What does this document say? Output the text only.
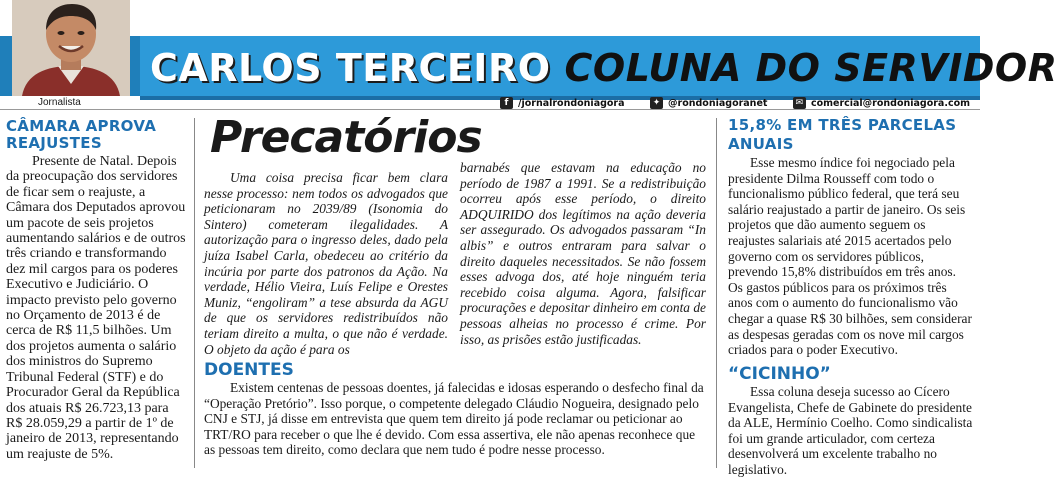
CARLOS TERCEIRO COLUNA DO SERVIDOR
Jornalista	f	/jornalrondoniagora	✦ @rondoniagoranet	✉ comercial@rondoniagora.com
CÂMARA APROVA REAJUSTES
Presente de Natal. Depois da preocupação dos servidores de ficar sem o reajuste, a Câmara dos Deputados aprovou um pacote de seis projetos aumentando salários e de outros três criando e transformando dez mil cargos para os poderes Executivo e Judiciário. O impacto previsto pelo governo no Orçamento de 2013 é de cerca de R$ 11,5 bilhões. Um dos projetos aumenta o salário dos ministros do Supremo Tribunal Federal (STF) e do Procurador Geral da República dos atuais R$ 26.723,13 para R$ 28.059,29 a partir de 1º de janeiro de 2013, representando um reajuste de 5%.
Precatórios

Uma coisa precisa ficar bem clara nesse processo: nem todos os advogados que peticionaram no 2039/89 (Isonomia do Sintero) cometeram ilegalidades. A autorização para o ingresso deles, dado pela juíza Isabel Carla, obedeceu ao critério da incúria por parte dos patronos da Ação. Na verdade, Hélio Vieira, Luís Felipe e Orestes Muniz, “engoliram” a tese absurda da AGU de que os servidores redistribuídos não teriam direito a multa, o que não é verdade. O objeto da ação é para os

barnabés que estavam na educação no período de 1987 a 1991. Se a redistribuição ocorreu após esse período, o direito ADQUIRIDO dos legítimos na ação deveria ser assegurado. Os advogados passaram “In albis” e outros entraram para salvar o direito daqueles necessitados. Se não fossem esses advoga dos, até hoje ninguém teria recebido coisa alguma. Agora, falsificar procurações e depositar dinheiro em conta de pessoas alheias no processo é crime. Por isso, as prisões estão justificadas.

DOENTES
Existem centenas de pessoas doentes, já falecidas e idosas esperando o desfecho final da “Operação Pretório”. Isso porque, o competente delegado Cláudio Nogueira, designado pelo CNJ e STJ, já disse em entrevista que quem tem direito já pode reclamar ou peticionar ao TRT/RO para receber o que lhe é devido. Com essa assertiva, ele não apenas reconhece que as pessoas tem direito, como declara que nem tudo é podre nesse processo.
15,8% EM TRÊS PARCELAS ANUAIS
Esse mesmo índice foi negociado pela presidente Dilma Rousseff com todo o funcionalismo público federal, que terá seu salário reajustado a partir de janeiro. Os seis projetos que dão aumento seguem os reajustes salariais até 2015 acertados pelo governo com os servidores públicos, prevendo 15,8% distribuídos em três anos. Os gastos públicos para os próximos três anos com o aumento do funcionalismo vão chegar a quase R$ 30 bilhões, sem considerar as despesas geradas com os nove mil cargos criados para o poder Executivo.
“CICINHO”
Essa coluna deseja sucesso ao Cícero Evangelista, Chefe de Gabinete do presidente da ALE, Hermínio Coelho. Como sindicalista foi um grande articulador, com certeza desenvolverá um excelente trabalho no legislativo.
